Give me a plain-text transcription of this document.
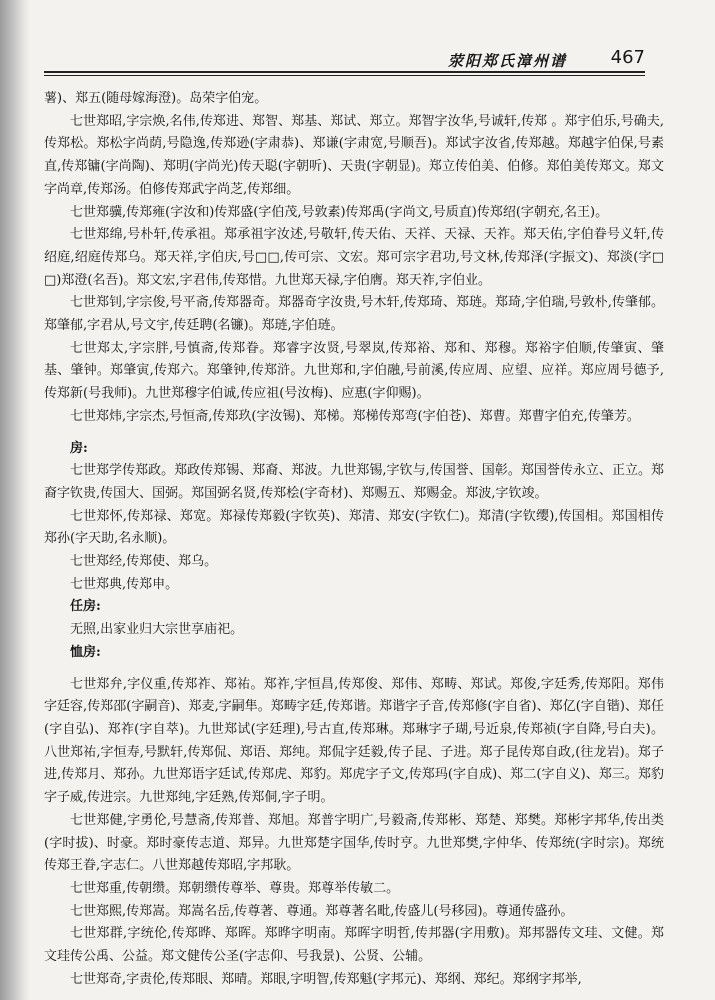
荥阳郑氏漳州谱 467

薯)、郑五(随母嫁海澄)。岛荣字伯宠。

七世郑昭,字宗焕,名伟,传郑进、郑智、郑基、郑试、郑立。郑智字汝华,号诚轩,传郑 。郑宇伯乐,号确夫,传郑松。郑松字尚荫,号隐逸,传郑逊(字肃恭)、郑谦(字肃宽,号顺吾)。郑试字汝省,传郑越。郑越字伯保,号素直,传郑镛(字尚陶)、郑明(字尚光)传天聪(字朝听)、天贵(字朝显)。郑立传伯美、伯修。郑伯美传郑文。郑文字尚章,传郑汤。伯修传郑武字尚芝,传郑细。

七世郑骥,传郑雍(字汝和)传郑盛(字伯茂,号敦素)传郑禹(字尚文,号质直)传郑绍(字朝充,名王)。

七世郑绵,号朴轩,传承祖。郑承祖字汝述,号敬轩,传天佑、天祥、天禄、天祚。郑天佑,字伯眷号义轩,传绍庭,绍庭传郑乌。郑天祥,字伯庆,号□□,传可宗、文宏。郑可宗字君功,号文林,传郑泽(字振文)、郑淡(字□□)郑澄(名吾)。郑文宏,字君伟,传郑惜。九世郑天禄,字伯膺。郑天祚,字伯业。

七世郑钊,字宗俊,号平斋,传郑器奇。郑器奇字汝贵,号木轩,传郑琦、郑琏。郑琦,字伯瑞,号敦朴,传肇郁。郑肇郁,字君从,号文宇,传廷聘(名镰)。郑琏,字伯琏。

七世郑太,字宗胖,号慎斋,传郑眷。郑睿字汝贤,号翠岚,传郑裕、郑和、郑穆。郑裕字伯顺,传肇寅、肇基、肇钟。郑肇寅,传郑六。郑肇钟,传郑浒。九世郑和,字伯融,号前溪,传应周、应望、应祥。郑应周号德予,传郑新(号我师)。九世郑穆字伯诚,传应祖(号汝梅)、应惠(字仰赐)。

七世郑炜,字宗杰,号恒斋,传郑玖(字汝锡)、郑梯。郑梯传郑弯(字伯苍)、郑曹。郑曹字伯充,传肇芳。

房:

七世郑学传郑政。郑政传郑锡、郑裔、郑波。九世郑锡,字钦与,传国誉、国彰。郑国誉传永立、正立。郑裔字钦贵,传国大、国弼。郑国弼名贤,传郑桧(字奇材)、郑赐五、郑赐金。郑波,字钦竣。

七世郑怀,传郑禄、郑宽。郑禄传郑毅(字钦英)、郑清、郑安(字钦仁)。郑清(字钦缨),传国相。郑国相传郑孙(字天助,名永顺)。

七世郑经,传郑使、郑乌。

七世郑典,传郑申。

任房:

无照,出家业归大宗世享庙祀。

恤房:

七世郑弁,字仪重,传郑祚、郑祐。郑祚,字恒昌,传郑俊、郑伟、郑畴、郑试。郑俊,字廷秀,传郑阳。郑伟字廷容,传郑邵(字嗣音)、郑麦,字嗣隼。郑畴字廷,传郑谐。郑谐字子音,传郑修(字自省)、郑亿(字自锴)、郑任(字自弘)、郑祚(字自萃)。九世郑试(字廷理),号古直,传郑琳。郑琳字子瑚,号近泉,传郑祯(字自降,号白夫)。八世郑祐,字恒寿,号默轩,传郑侃、郑语、郑纯。郑侃字廷毅,传子昆、子进。郑子昆传郑自政,(往龙岩)。郑子进,传郑月、郑孙。九世郑语字廷试,传郑虎、郑豹。郑虎字子文,传郑玛(字自成)、郑二(字自义)、郑三。郑豹字子威,传进宗。九世郑纯,字廷熟,传郑侗,字子明。

七世郑健,字勇伦,号慧斋,传郑普、郑旭。郑普字明广,号毅斋,传郑彬、郑楚、郑樊。郑彬字邦华,传出类(字时拔)、时豪。郑时豪传志道、郑异。九世郑楚字国华,传时亨。九世郑樊,字仲华、传郑统(字时宗)。郑统传郑王眷,字志仁。八世郑越传郑昭,字邦耿。

七世郑重,传朝缵。郑朝缵传尊举、尊贵。郑尊举传敏二。

七世郑熙,传郑嵩。郑嵩名岳,传尊著、尊通。郑尊著名毗,传盛儿(号移园)。尊通传盛孙。

七世郑群,字统伦,传郑晔、郑晖。郑晔字明南。郑晖字明哲,传邦器(字用敷)。郑邦器传文珪、文健。郑文珪传公禹、公益。郑文健传公圣(字志仰、号我景)、公贤、公辅。

七世郑奇,字责伦,传郑眼、郑晴。郑眼,字明智,传郑魁(字邦元)、郑纲、郑纪。郑纲字邦举,
